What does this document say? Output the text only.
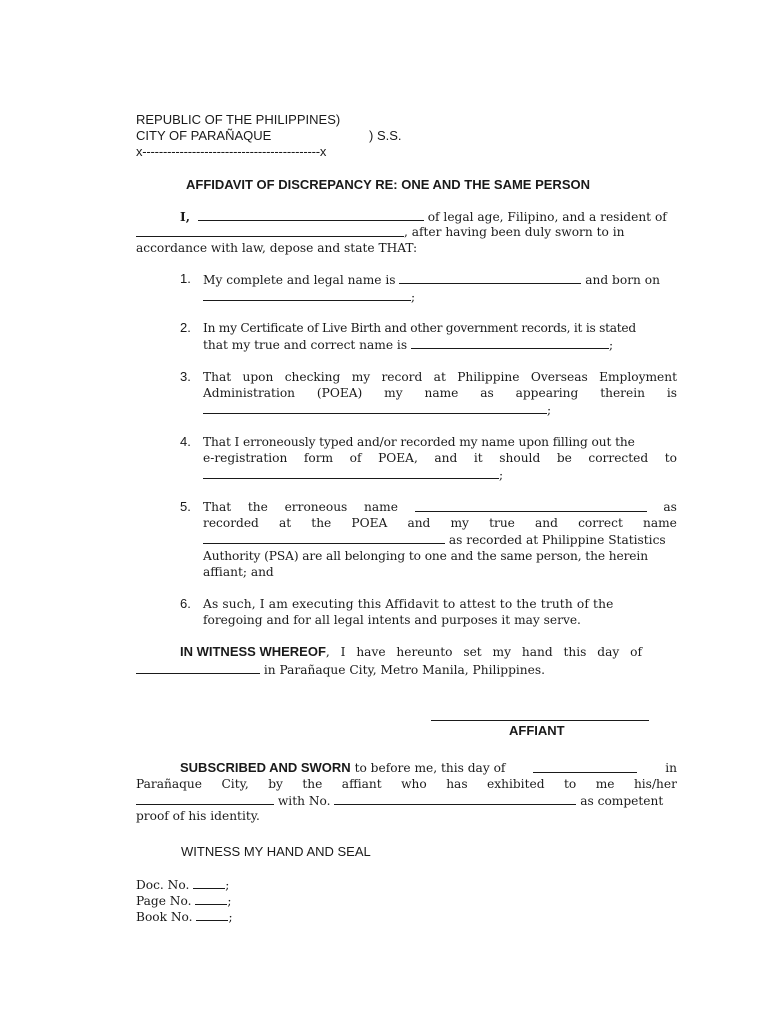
REPUBLIC OF THE PHILIPPINES)
CITY OF PARAÑAQUE	) S.S.
x-------------------------------------------x
AFFIDAVIT OF DISCREPANCY RE: ONE AND THE SAME PERSON
I,	of legal age, Filipino, and a resident of
, after having been duly sworn to in
accordance with law, depose and state THAT:
1. My complete and legal name is	and born on
;
2. In my Certificate of Live Birth and other government records, it is stated
that my true and correct name is	;
3. That upon checking my record at Philippine Overseas Employment
Administration (POEA) my name as appearing therein is
;
4. That I erroneously typed and/or recorded my name upon filling out the
e-registration form of POEA, and it should be corrected to
;
5. That the erroneous name	as
recorded at the POEA and my true and correct name
as recorded at Philippine Statistics
Authority (PSA) are all belonging to one and the same person, the herein
affiant; and
6. As such, I am executing this Affidavit to attest to the truth of the
foregoing and for all legal intents and purposes it may serve.
IN WITNESS WHEREOF, I have hereunto set my hand this day of
in Parañaque City, Metro Manila, Philippines.
AFFIANT
SUBSCRIBED AND SWORN to before me, this day of	in
Parañaque City, by the affiant who has exhibited to me his/her
with No.	as competent
proof of his identity.
WITNESS MY HAND AND SEAL
Doc. No.	;
Page No.	;
Book No.	;
